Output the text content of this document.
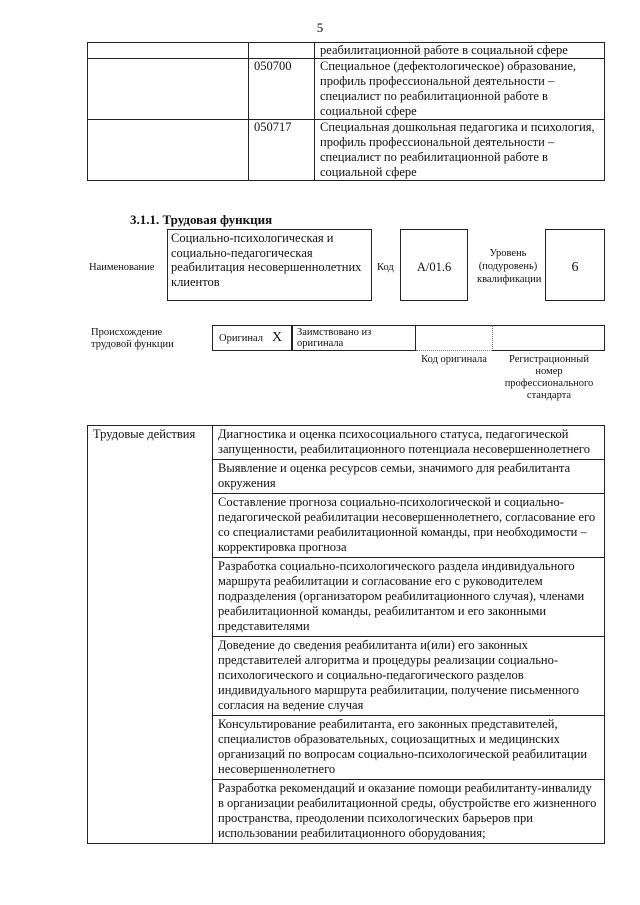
5
		реабилитационной работе в социальной сфере
	050700	Специальное (дефектологическое) образование, профиль профессиональной деятельности – специалист по реабилитационной работе в социальной сфере
	050717	Специальная дошкольная педагогика и психология, профиль профессиональной деятельности – специалист по реабилитационной работе в социальной сфере
3.1.1. Трудовая функция
Наименование
Социально-психологическая и социально-педагогическая реабилитация несовершеннолетних клиентов
Код	A/01.6
Уровень (подуровень) квалификации
6
Происхождение трудовой функции
Оригинал X	Заимствовано из оригинала
Код оригинала	Регистрационный номер профессионального стандарта
Трудовые действия	Диагностика и оценка психосоциального статуса, педагогической запущенности, реабилитационного потенциала несовершеннолетнего
Выявление и оценка ресурсов семьи, значимого для реабилитанта окружения
Составление прогноза социально-психологической и социально-педагогической реабилитации несовершеннолетнего, согласование его со специалистами реабилитационной команды, при необходимости – корректировка прогноза
Разработка социально-психологического раздела индивидуального маршрута реабилитации и согласование его с руководителем подразделения (организатором реабилитационного случая), членами реабилитационной команды, реабилитантом и его законными представителями
Доведение до сведения реабилитанта и(или) его законных представителей алгоритма и процедуры реализации социально-психологического и социально-педагогического разделов индивидуального маршрута реабилитации, получение письменного согласия на ведение случая
Консультирование реабилитанта, его законных представителей, специалистов образовательных, социозащитных и медицинских организаций по вопросам социально-психологической реабилитации несовершеннолетнего
Разработка рекомендаций и оказание помощи реабилитанту-инвалиду в организации реабилитационной среды, обустройстве его жизненного пространства, преодолении психологических барьеров при использовании реабилитационного оборудования;
